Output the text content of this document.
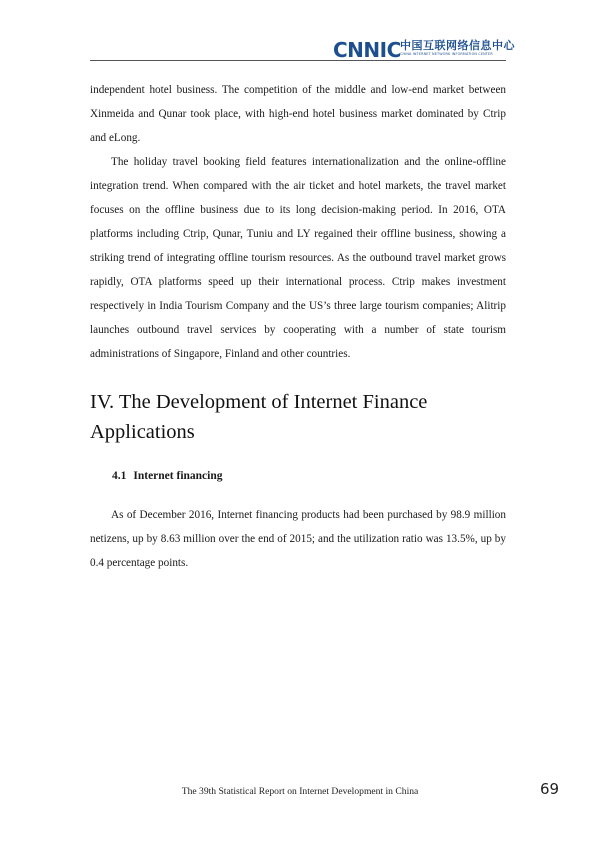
CNNIC 中国互联网络信息中心
CHINA INTERNET NETWORK INFORMATION CENTER

independent hotel business. The competition of the middle and low-end market between Xinmeida and Qunar took place, with high-end hotel business market dominated by Ctrip and eLong.

The holiday travel booking field features internationalization and the online-offline integration trend. When compared with the air ticket and hotel markets, the travel market focuses on the offline business due to its long decision-making period. In 2016, OTA platforms including Ctrip, Qunar, Tuniu and LY regained their offline business, showing a striking trend of integrating offline tourism resources. As the outbound travel market grows rapidly, OTA platforms speed up their international process. Ctrip makes investment respectively in India Tourism Company and the US’s three large tourism companies; Alitrip launches outbound travel services by cooperating with a number of state tourism administrations of Singapore, Finland and other countries.

IV. The Development of Internet Finance Applications
4.1 Internet financing

As of December 2016, Internet financing products had been purchased by 98.9 million netizens, up by 8.63 million over the end of 2015; and the utilization ratio was 13.5%, up by 0.4 percentage points.

The 39th Statistical Report on Internet Development in China	69
